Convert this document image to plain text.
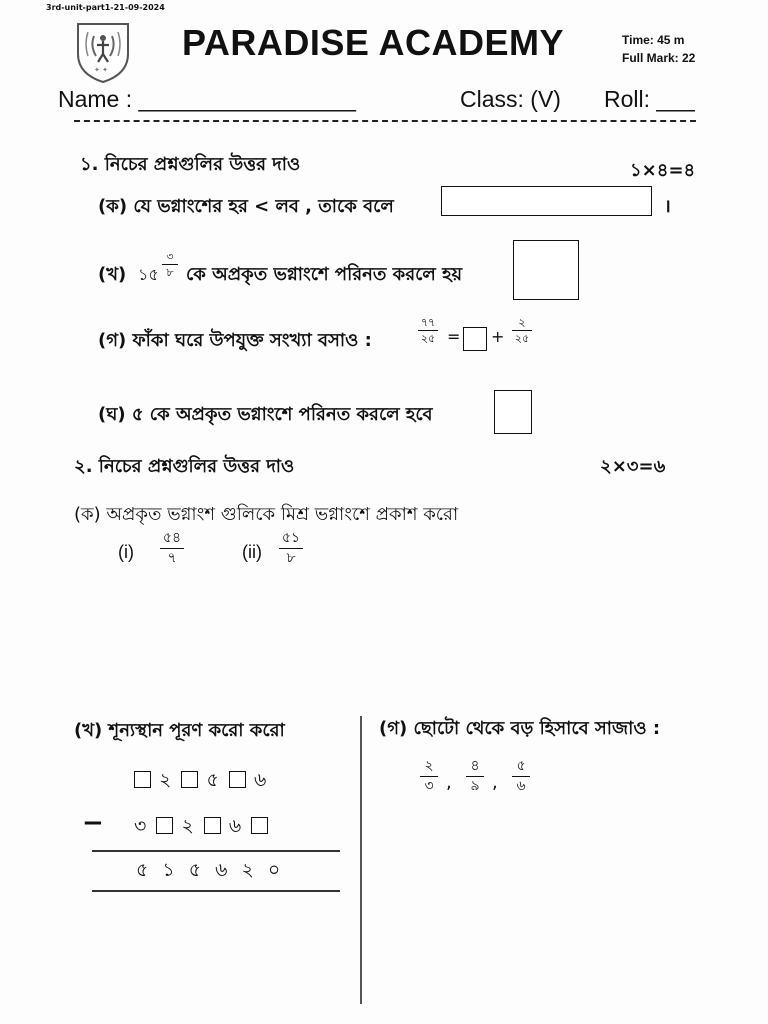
3rd-unit-part1-21-09-2024
✦ ✦
PARADISE ACADEMY	Time: 45 m
Full Mark: 22
Name : _________________	Class: (V) Roll: ___
১. নিচের প্রশ্নগুলির উত্তর দাও	১×৪=৪
(ক) যে ভগ্নাংশের হর < লব , তাকে বলে	।
(খ) ১৫
৩
৮ কে অপ্রকৃত ভগ্নাংশে পরিনত করলে হয়
(গ) ফাঁকা ঘরে উপযুক্ত সংখ্যা বসাও :
৭৭
২৫ = +
২
২৫
(ঘ) ৫ কে অপ্রকৃত ভগ্নাংশে পরিনত করলে হবে
২. নিচের প্রশ্নগুলির উত্তর দাও	২×৩=৬
(ক) অপ্রকৃত ভগ্নাংশ গুলিকে মিশ্র ভগ্নাংশে প্রকাশ করো
(i)
৫৪
৭	(ii)
৫১
৮
(খ) শূন্যস্থান পূরণ করো করো
২ ৫ ৬
− ৩ ২ ৬
৫ ১ ৫ ৬ ২ ০
(গ) ছোটো থেকে বড় হিসাবে সাজাও :
২
৩ ,
৪
৯ ,
৫
৬
